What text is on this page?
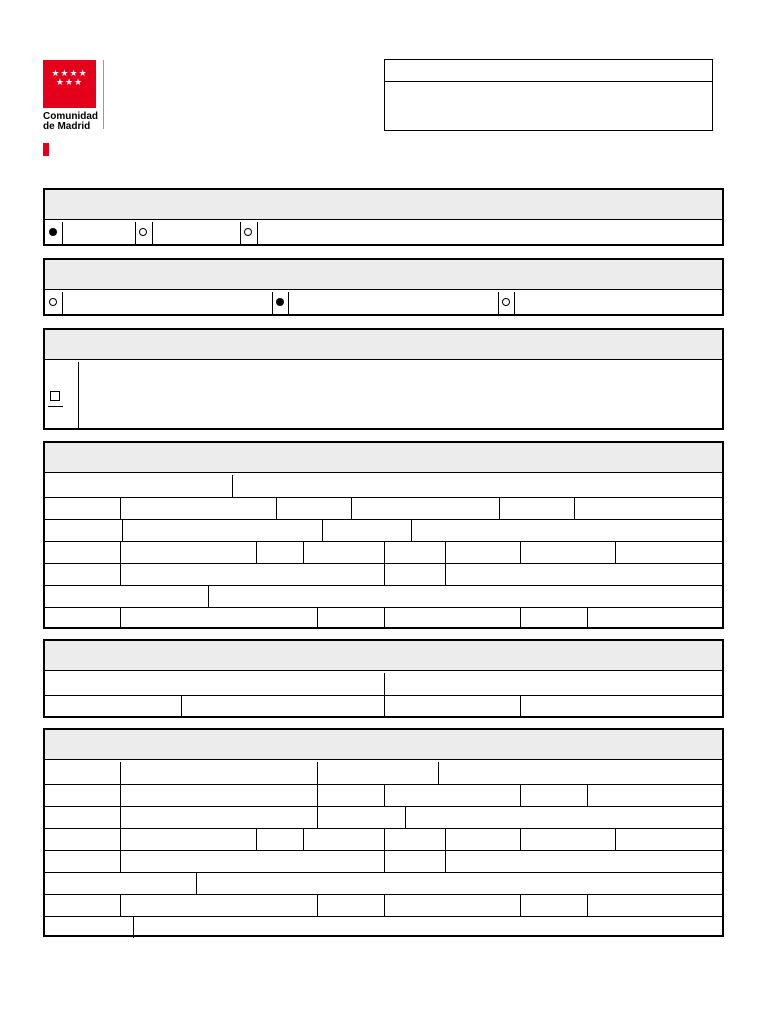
★★★★
★★★
Comunidad
de Madrid
